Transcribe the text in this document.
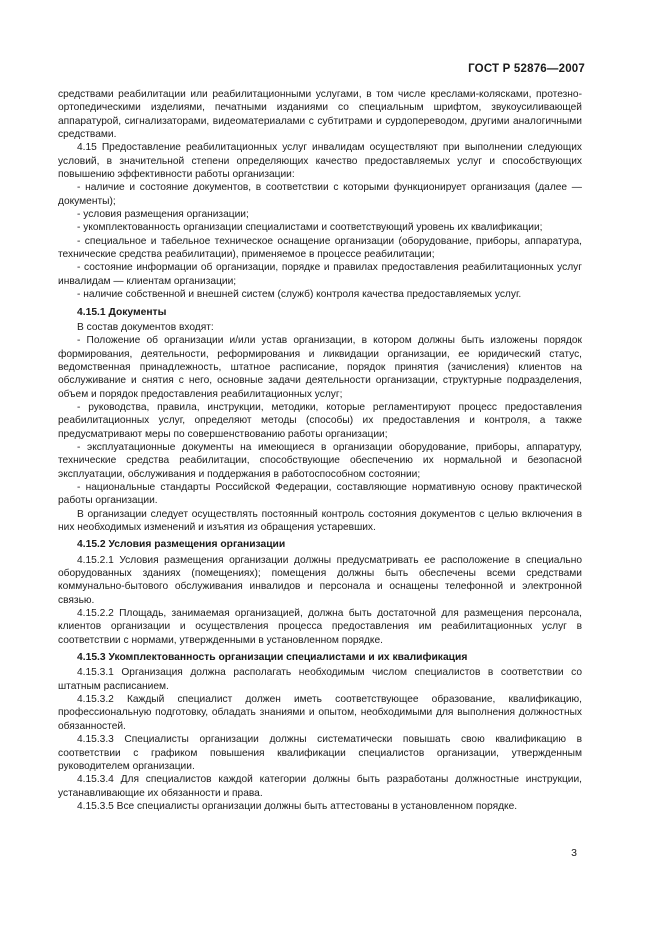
ГОСТ Р 52876—2007

средствами реабилитации или реабилитационными услугами, в том числе креслами-колясками, протезно-ортопедическими изделиями, печатными изданиями со специальным шрифтом, звукоусиливающей аппаратурой, сигнализаторами, видеоматериалами с субтитрами и сурдопереводом, другими аналогичными средствами.

4.15 Предоставление реабилитационных услуг инвалидам осуществляют при выполнении следующих условий, в значительной степени определяющих качество предоставляемых услуг и способствующих повышению эффективности работы организации:

- наличие и состояние документов, в соответствии с которыми функционирует организация (далее — документы);

- условия размещения организации;

- укомплектованность организации специалистами и соответствующий уровень их квалификации;

- специальное и табельное техническое оснащение организации (оборудование, приборы, аппаратура, технические средства реабилитации), применяемое в процессе реабилитации;

- состояние информации об организации, порядке и правилах предоставления реабилитационных услуг инвалидам — клиентам организации;

- наличие собственной и внешней систем (служб) контроля качества предоставляемых услуг.

4.15.1 Документы

В состав документов входят:

- Положение об организации и/или устав организации, в котором должны быть изложены порядок формирования, деятельности, реформирования и ликвидации организации, ее юридический статус, ведомственная принадлежность, штатное расписание, порядок принятия (зачисления) клиентов на обслуживание и снятия с него, основные задачи деятельности организации, структурные подразделения, объем и порядок предоставления реабилитационных услуг;

- руководства, правила, инструкции, методики, которые регламентируют процесс предоставления реабилитационных услуг, определяют методы (способы) их предоставления и контроля, а также предусматривают меры по совершенствованию работы организации;

- эксплуатационные документы на имеющиеся в организации оборудование, приборы, аппаратуру, технические средства реабилитации, способствующие обеспечению их нормальной и безопасной эксплуатации, обслуживания и поддержания в работоспособном состоянии;

- национальные стандарты Российской Федерации, составляющие нормативную основу практической работы организации.

В организации следует осуществлять постоянный контроль состояния документов с целью включения в них необходимых изменений и изъятия из обращения устаревших.

4.15.2 Условия размещения организации

4.15.2.1 Условия размещения организации должны предусматривать ее расположение в специально оборудованных зданиях (помещениях); помещения должны быть обеспечены всеми средствами коммунально-бытового обслуживания инвалидов и персонала и оснащены телефонной и электронной связью.

4.15.2.2 Площадь, занимаемая организацией, должна быть достаточной для размещения персонала, клиентов организации и осуществления процесса предоставления им реабилитационных услуг в соответствии с нормами, утвержденными в установленном порядке.

4.15.3 Укомплектованность организации специалистами и их квалификация

4.15.3.1 Организация должна располагать необходимым числом специалистов в соответствии со штатным расписанием.

4.15.3.2 Каждый специалист должен иметь соответствующее образование, квалификацию, профессиональную подготовку, обладать знаниями и опытом, необходимыми для выполнения должностных обязанностей.

4.15.3.3 Специалисты организации должны систематически повышать свою квалификацию в соответствии с графиком повышения квалификации специалистов организации, утвержденным руководителем организации.

4.15.3.4 Для специалистов каждой категории должны быть разработаны должностные инструкции, устанавливающие их обязанности и права.

4.15.3.5 Все специалисты организации должны быть аттестованы в установленном порядке.

3
